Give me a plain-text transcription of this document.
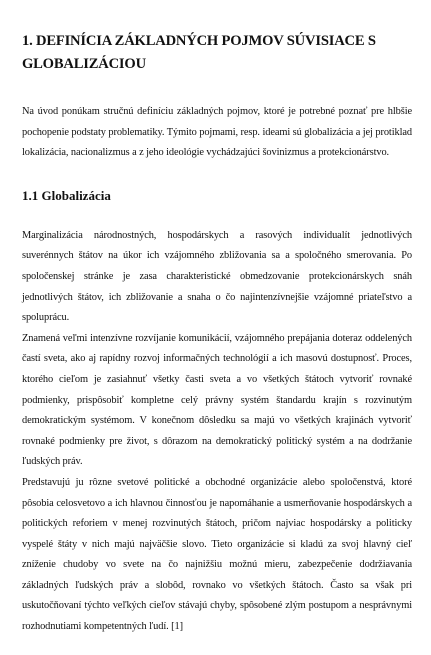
1. DEFINÍCIA ZÁKLADNÝCH POJMOV SÚVISIACE S GLOBALIZÁCIOU

Na úvod ponúkam stručnú definíciu základných pojmov, ktoré je potrebné poznať pre hlbšie pochopenie podstaty problematiky. Týmito pojmami, resp. ideami sú globalizácia a jej protiklad lokalizácia, nacionalizmus a z jeho ideológie vychádzajúci šovinizmus a protekcionárstvo.

1.1 Globalizácia

Marginalizácia národnostných, hospodárskych a rasových individualít jednotlivých suverénnych štátov na úkor ich vzájomného zbližovania sa a spoločného smerovania. Po spoločenskej stránke je zasa charakteristické obmedzovanie protekcionárskych snáh jednotlivých štátov, ich zbližovanie a snaha o čo najintenzívnejšie vzájomné priateľstvo a spoluprácu.

Znamená veľmi intenzívne rozvíjanie komunikácií, vzájomného prepájania doteraz oddelených častí sveta, ako aj rapídny rozvoj informačných technológií a ich masovú dostupnosť. Proces, ktorého cieľom je zasiahnuť všetky časti sveta a vo všetkých štátoch vytvoriť rovnaké podmienky, prispôsobiť kompletne celý právny systém štandardu krajín s rozvinutým demokratickým systémom. V konečnom dôsledku sa majú vo všetkých krajinách vytvoriť rovnaké podmienky pre život, s dôrazom na demokratický politický systém a na dodržanie ľudských práv.

Predstavujú ju rôzne svetové politické a obchodné organizácie alebo spoločenstvá, ktoré pôsobia celosvetovo a ich hlavnou činnosťou je napomáhanie a usmerňovanie hospodárskych a politických reforiem v menej rozvinutých štátoch, pričom najviac hospodársky a politicky vyspelé štáty v nich majú najväčšie slovo. Tieto organizácie si kladú za svoj hlavný cieľ zníženie chudoby vo svete na čo najnižšiu možnú mieru, zabezpečenie dodržiavania základných ľudských práv a slobôd, rovnako vo všetkých štátoch. Často sa však pri uskutočňovaní týchto veľkých cieľov stávajú chyby, spôsobené zlým postupom a nesprávnymi rozhodnutiami kompetentných ľudí. [1]
